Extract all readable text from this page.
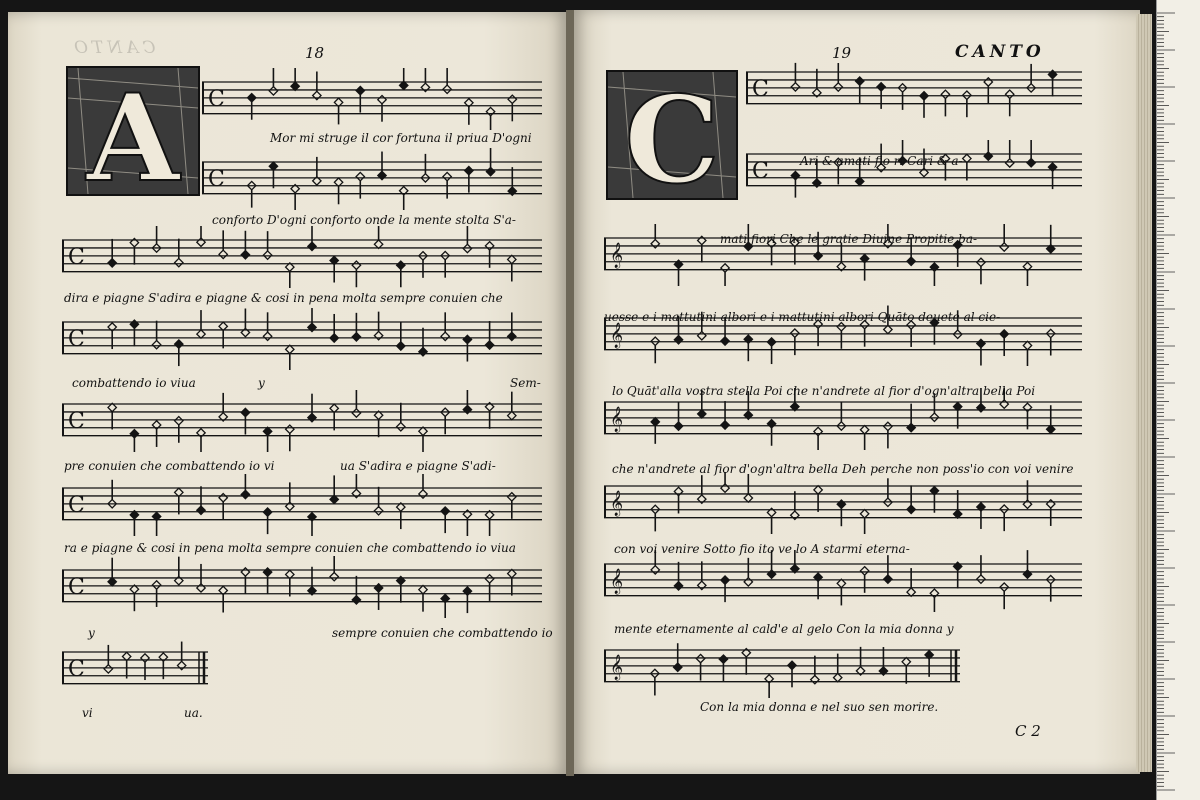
CANTO	18	19	CANTO
C 2
A	C
C
C
C
C
C
C
C
C
C
C
𝄞
𝄞
𝄞
𝄞
𝄞
𝄞
Mor mi struge il cor fortuna il priua D'ogni
conforto D'ogni conforto onde la mente stolta S'a-
dira e piagne S'adira e piagne & cosi in pena molta sempre conuien che
combattendo io viua	y	Sem-
pre conuien che combattendo io vi	ua S'adira e piagne S'adi-
ra e piagne & cosi in pena molta sempre conuien che combattendo io viua
y	sempre conuien che combattendo io
vi	ua.
Ari & amati fio ri Cari & a-
mati fiori Che le gratie Diuine Propitie ba-
uesse e i mattutini albori e i mattutini albori Quāto deuete al cie-
lo Quāt'alla vostra stella Poi che n'andrete al fior d'ogn'altra bella Poi
che n'andrete al fior d'ogn'altra bella Deh perche non poss'io con voi venire
con voi venire Sotto fio ito ve lo A starmi eterna-
mente eternamente al cald'e al gelo Con la mia donna y
Con la mia donna e nel suo sen morire.
